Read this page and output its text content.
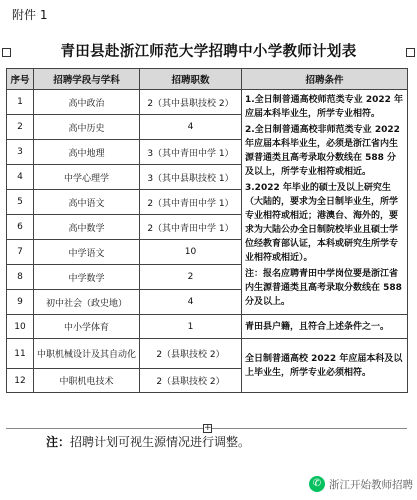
附件 1
青田县赴浙江师范大学招聘中小学教师计划表
序号	招聘学段与学科	招聘职数	招聘条件
1	高中政治	2（其中县职技校 2）	1.全日制普通高校师范类专业 2022 年应届本科毕业生，所学专业相符。

2.全日制普通高校非师范类专业 2022 年应届本科毕业生，必须是浙江省内生源普通类且高考录取分数线在 588 分及以上，所学专业相符或相近。

3.2022 年毕业的硕士及以上研究生（大陆的，要求为全日制毕业生，所学专业相符或相近；港澳台、海外的，要求为大陆公办全日制院校毕业且硕士学位经教育部认证，本科或研究生所学专业相符或相近）。

注：报名应聘青田中学岗位要是浙江省内生源普通类且高考录取分数线在 588 分及以上。

2	高中历史	4	
3	高中地理	3（其中青田中学 1）	
4	中学心理学	3（其中县职技校 1）	
5	高中语文	2（其中青田中学 1）	
6	高中数学	2（其中青田中学 1）	
7	中学语文	10	
8	中学数学	2	
9	初中社会（政史地）	4	
10	中小学体育	1	青田县户籍，且符合上述条件之一。
11	中职机械设计及其自动化	2（县职技校 2）	全日制普通高校 2022 年应届本科及以上毕业生，所学专业必须相符。
12	中职机电技术	2（县职技校 2）	
+
注：招聘计划可视生源情况进行调整。
✆ 浙江开始教师招聘
